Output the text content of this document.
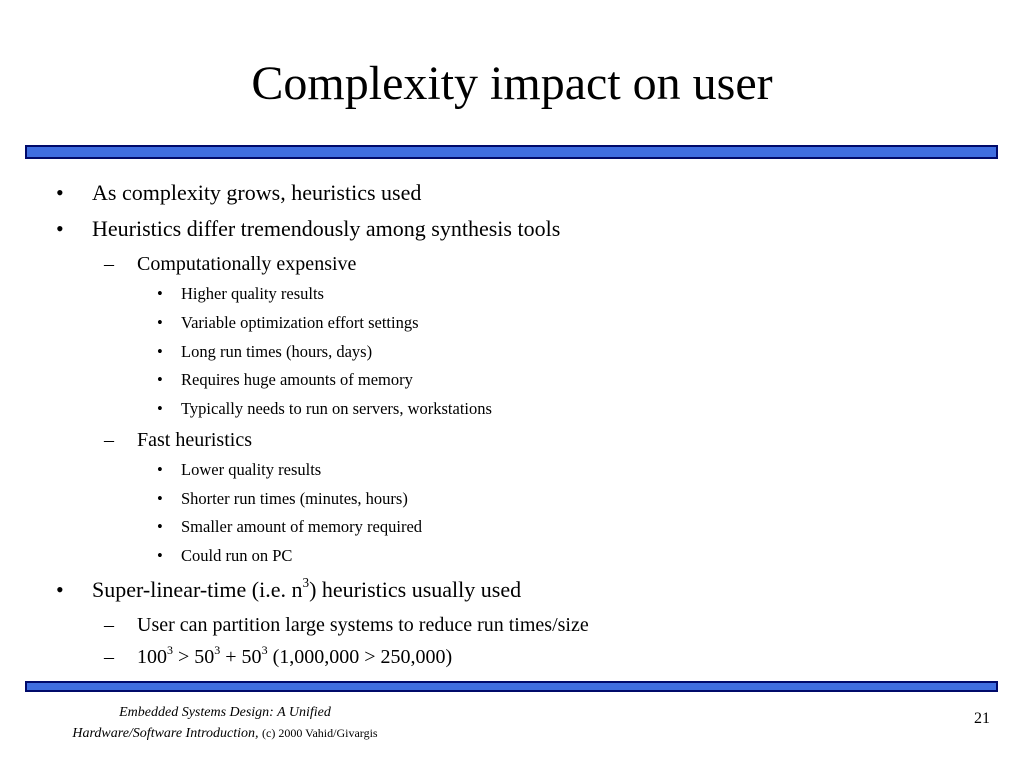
Complexity impact on user
• As complexity grows, heuristics used
• Heuristics differ tremendously among synthesis tools
– Computationally expensive
• Higher quality results
• Variable optimization effort settings
• Long run times (hours, days)
• Requires huge amounts of memory
• Typically needs to run on servers, workstations
– Fast heuristics
• Lower quality results
• Shorter run times (minutes, hours)
• Smaller amount of memory required
• Could run on PC
• Super-linear-time (i.e. $n^3$) heuristics usually used
– User can partition large systems to reduce run times/size
– $100^3 > 50^3 + 50^3$ (1,000,000 > 250,000)
Embedded Systems Design: A Unified
Hardware/Software Introduction, (c) 2000 Vahid/Givargis
21
